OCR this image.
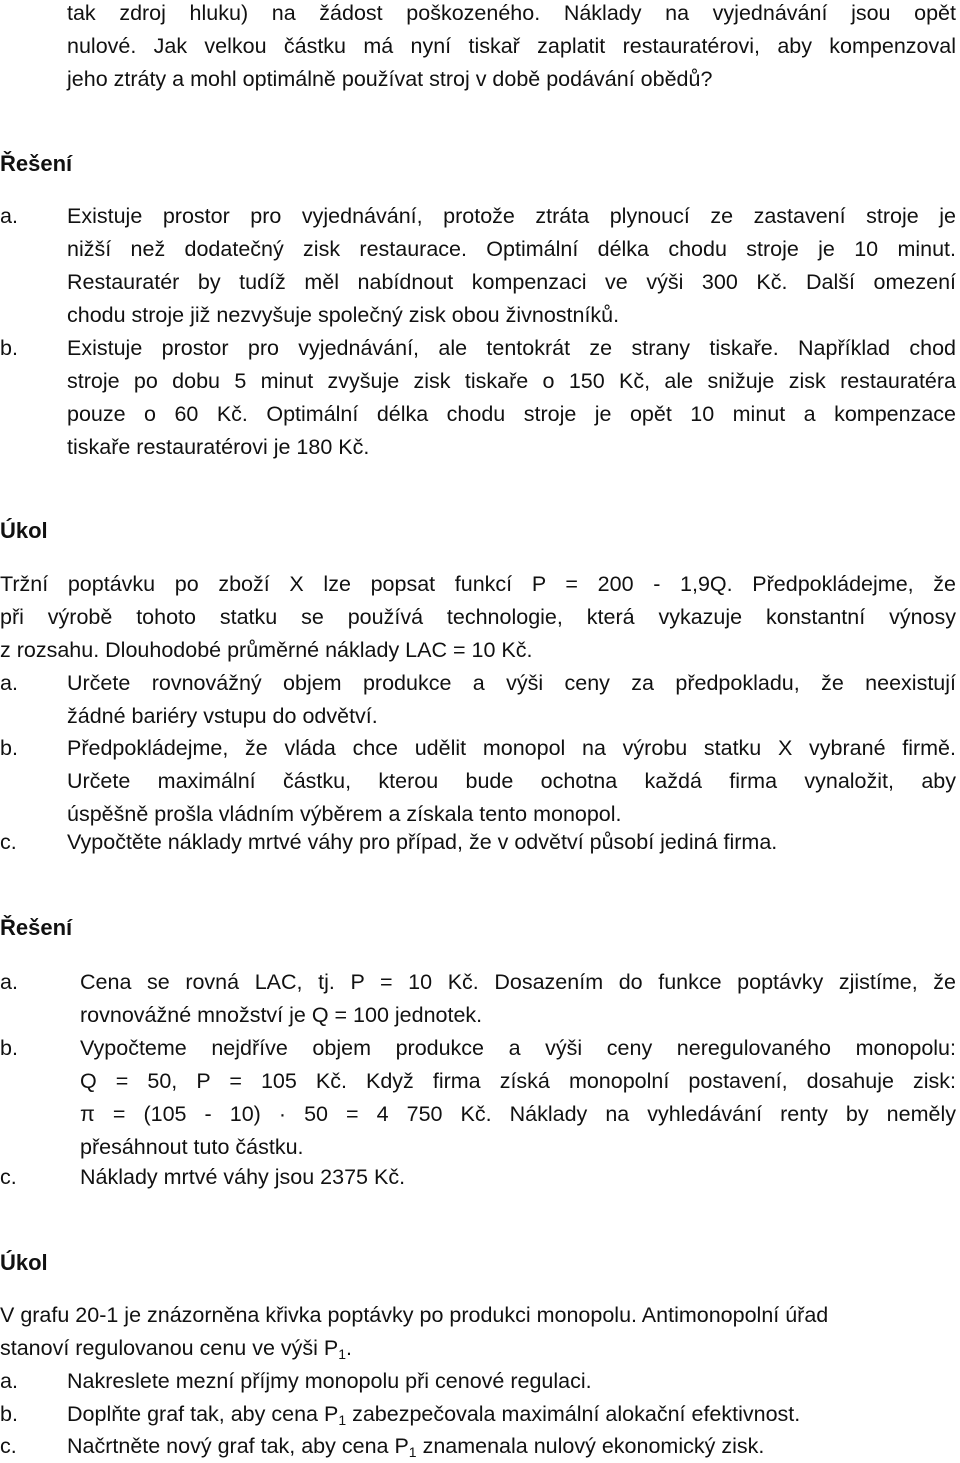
tak zdroj hluku) na žádost poškozeného. Náklady na vyjednávání jsou opět
nulové. Jak velkou částku má nyní tiskař zaplatit restauratérovi, aby kompenzoval
jeho ztráty a mohl optimálně používat stroj v době podávání obědů?
Řešení
a. Existuje prostor pro vyjednávání, protože ztráta plynoucí ze zastavení stroje je
nižší než dodatečný zisk restaurace. Optimální délka chodu stroje je 10 minut.
Restauratér by tudíž měl nabídnout kompenzaci ve výši 300 Kč. Další omezení
chodu stroje již nezvyšuje společný zisk obou živnostníků.
b. Existuje prostor pro vyjednávání, ale tentokrát ze strany tiskaře. Například chod
stroje po dobu 5 minut zvyšuje zisk tiskaře o 150 Kč, ale snižuje zisk restauratéra
pouze o 60 Kč. Optimální délka chodu stroje je opět 10 minut a kompenzace
tiskaře restauratérovi je 180 Kč.
Úkol
Tržní poptávku po zboží X lze popsat funkcí P = 200 - 1,9Q. Předpokládejme, že
při výrobě tohoto statku se používá technologie, která vykazuje konstantní výnosy
z rozsahu. Dlouhodobé průměrné náklady LAC = 10 Kč.
a. Určete rovnovážný objem produkce a výši ceny za předpokladu, že neexistují
žádné bariéry vstupu do odvětví.
b. Předpokládejme, že vláda chce udělit monopol na výrobu statku X vybrané firmě.
Určete maximální částku, kterou bude ochotna každá firma vynaložit, aby
úspěšně prošla vládním výběrem a získala tento monopol.
c. Vypočtěte náklady mrtvé váhy pro případ, že v odvětví působí jediná firma.
Řešení
a.	Cena se rovná LAC, tj. P = 10 Kč. Dosazením do funkce poptávky zjistíme, že
rovnovážné množství je Q = 100 jednotek.
b.	Vypočteme nejdříve objem produkce a výši ceny neregulovaného monopolu:
Q = 50, P = 105 Kč. Když firma získá monopolní postavení, dosahuje zisk:
π = (105 - 10) · 50 = 4 750 Kč. Náklady na vyhledávání renty by neměly
přesáhnout tuto částku.
c.	Náklady mrtvé váhy jsou 2375 Kč.
Úkol
V grafu 20-1 je znázorněna křivka poptávky po produkci monopolu. Antimonopolní úřad
stanoví regulovanou cenu ve výši $P_1$.
a. Nakreslete mezní příjmy monopolu při cenové regulaci.
b. Doplňte graf tak, aby cena $P_1$ zabezpečovala maximální alokační efektivnost.
c. Načrtněte nový graf tak, aby cena $P_1$ znamenala nulový ekonomický zisk.
